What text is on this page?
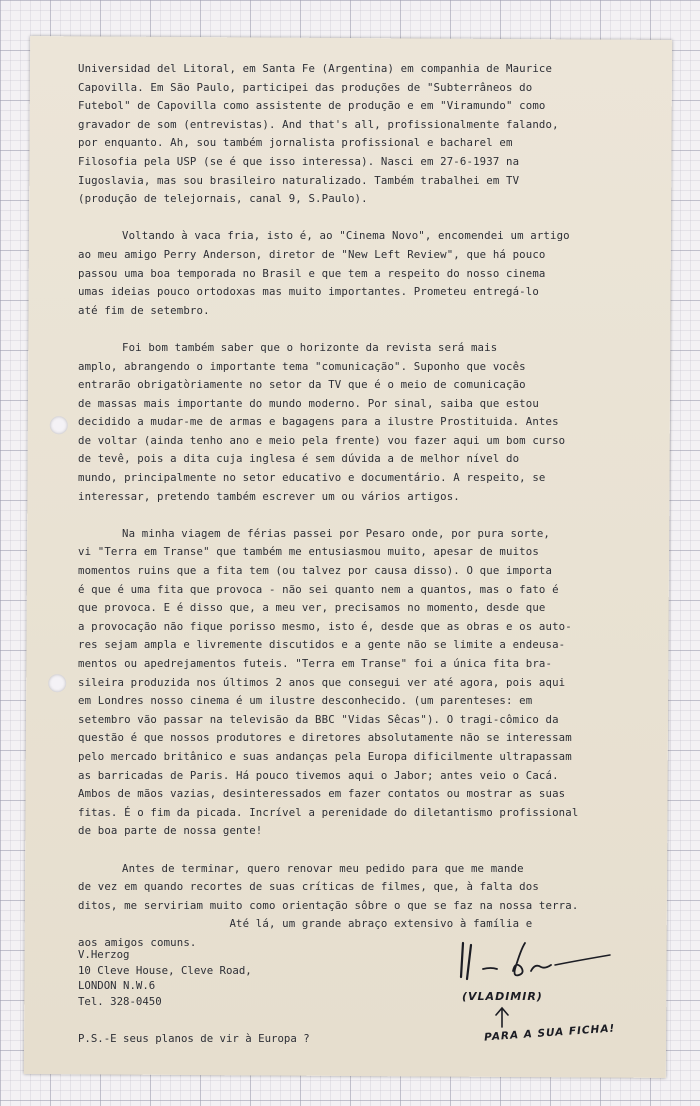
Universidad del Litoral, em Santa Fe (Argentina) em companhia de Maurice
Capovilla. Em São Paulo, participei das produções de "Subterrâneos do
Futebol" de Capovilla como assistente de produção e em "Viramundo" como
gravador de som (entrevistas). And that's all, profissionalmente falando,
por enquanto. Ah, sou também jornalista profissional e bacharel em
Filosofia pela USP (se é que isso interessa). Nasci em 27-6-1937 na
Iugoslavia, mas sou brasileiro naturalizado. Também trabalhei em TV
(produção de telejornais, canal 9, S.Paulo).
Voltando à vaca fria, isto é, ao "Cinema Novo", encomendei um artigo
ao meu amigo Perry Anderson, diretor de "New Left Review", que há pouco
passou uma boa temporada no Brasil e que tem a respeito do nosso cinema
umas ideias pouco ortodoxas mas muito importantes. Prometeu entregá-lo
até fim de setembro.
Foi bom também saber que o horizonte da revista será mais
amplo, abrangendo o importante tema "comunicação". Suponho que vocês
entrarão obrigatòriamente no setor da TV que é o meio de comunicação
de massas mais importante do mundo moderno. Por sinal, saiba que estou
decidido a mudar-me de armas e bagagens para a ilustre Prostituida. Antes
de voltar (ainda tenho ano e meio pela frente) vou fazer aqui um bom curso
de tevê, pois a dita cuja inglesa é sem dúvida a de melhor nível do
mundo, principalmente no setor educativo e documentário. A respeito, se
interessar, pretendo também escrever um ou vários artigos.
Na minha viagem de férias passei por Pesaro onde, por pura sorte,
vi "Terra em Transe" que também me entusiasmou muito, apesar de muitos
momentos ruins que a fita tem (ou talvez por causa disso). O que importa
é que é uma fita que provoca - não sei quanto nem a quantos, mas o fato é
que provoca. E é disso que, a meu ver, precisamos no momento, desde que
a provocação não fique porisso mesmo, isto é, desde que as obras e os auto-
res sejam ampla e livremente discutidos e a gente não se limite a endeusa-
mentos ou apedrejamentos futeis. "Terra em Transe" foi a única fita bra-
sileira produzida nos últimos 2 anos que consegui ver até agora, pois aqui
em Londres nosso cinema é um ilustre desconhecido. (um parenteses: em
setembro vão passar na televisão da BBC "Vidas Sêcas"). O tragi-cômico da
questão é que nossos produtores e diretores absolutamente não se interessam
pelo mercado britânico e suas andanças pela Europa dificilmente ultrapassam
as barricadas de Paris. Há pouco tivemos aqui o Jabor; antes veio o Cacá.
Ambos de mãos vazias, desinteressados em fazer contatos ou mostrar as suas
fitas. É o fim da picada. Incrível a perenidade do diletantismo profissional
de boa parte de nossa gente!
Antes de terminar, quero renovar meu pedido para que me mande
de vez em quando recortes de suas críticas de filmes, que, à falta dos
ditos, me serviriam muito como orientação sôbre o que se faz na nossa terra.
Até lá, um grande abraço extensivo à família e
aos amigos comuns.
V.Herzog
10 Cleve House, Cleve Road,
LONDON N.W.6
Tel. 328-0450
P.S.-E seus planos de vir à Europa ?
(VLADIMIR)
PARA A SUA FICHA!
